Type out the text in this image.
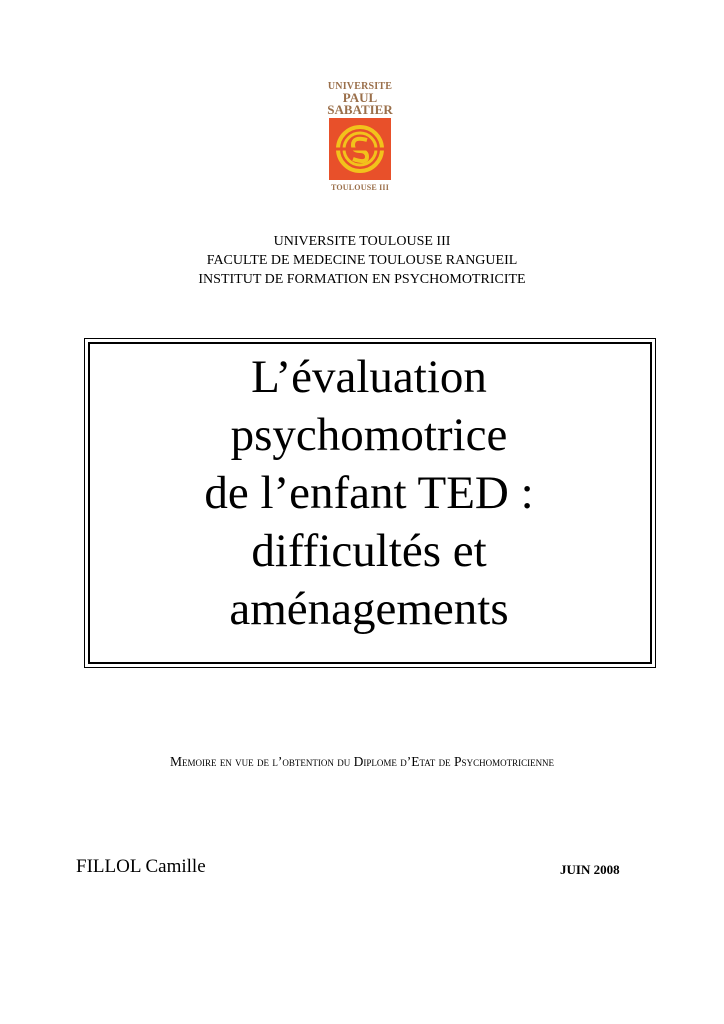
UNIVERSITE
PAUL
SABATIER
TOULOUSE III
UNIVERSITE TOULOUSE III
FACULTE DE MEDECINE TOULOUSE RANGUEIL
INSTITUT DE FORMATION EN PSYCHOMOTRICITE
L’évaluation
psychomotrice
de l’enfant TED :
difficultés et
aménagements
Memoire en vue de l’obtention du Diplome d’Etat de Psychomotricienne
FILLOL Camille	JUIN 2008
